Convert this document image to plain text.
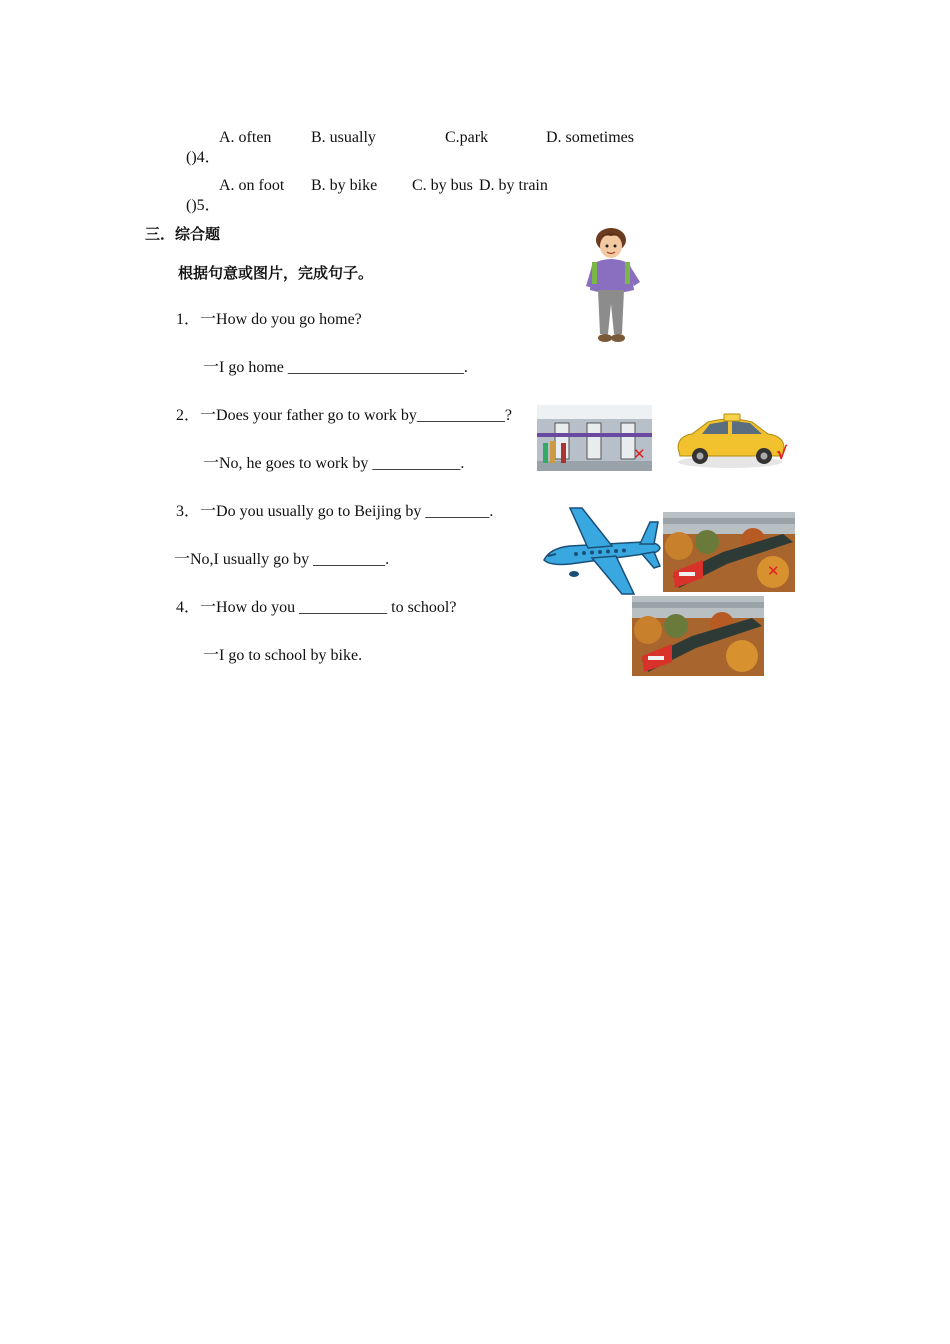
()4．

A. often B. usually	C.park	D. sometimes

()5．

A. on foot B. by bike C. by bus D. by train
三．综合题
根据句意或图片，完成句子。
1．一How do you go home?
一I go home ______________________.
2．一Does your father go to work by___________?
一No, he goes to work by ___________.
3．一Do you usually go to Beijing by ________.
一No,I usually go by _________.
4．一How do you ___________ to school?
一I go to school by bike.
✕	√
✕
